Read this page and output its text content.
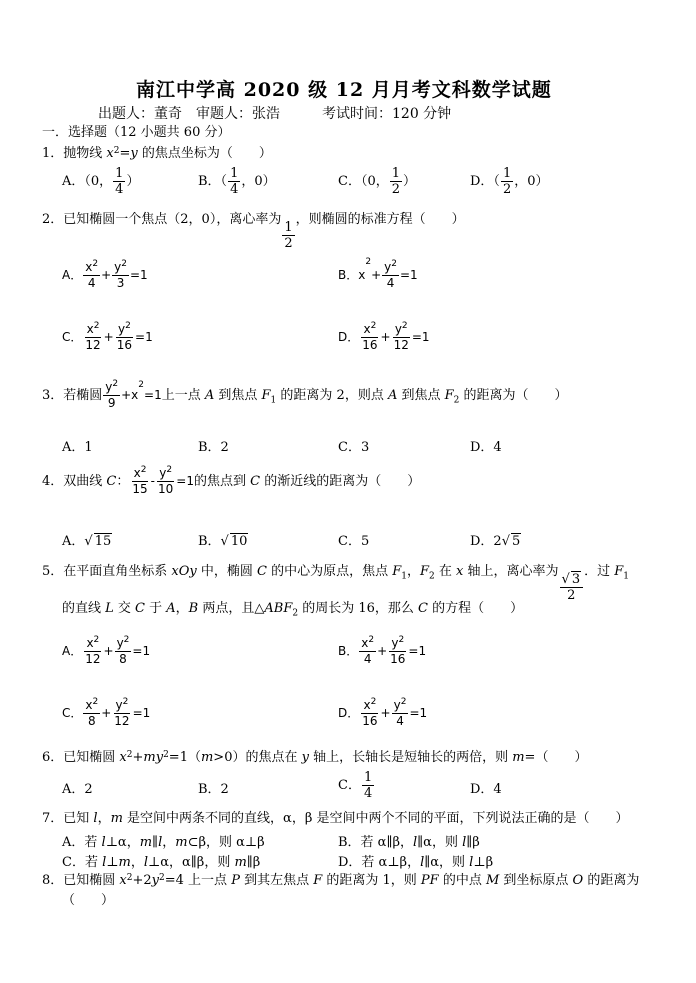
南江中学高 2020 级 12 月月考文科数学试题
出题人：董奇　审题人：张浩　　　考试时间：120 分钟
一．选择题（12 小题共 60 分）
1．抛物线 $x^2=y$ 的焦点坐标为（　　）
A．（0， $\frac{1}{4}$ ）	B．（ $\frac{1}{4}$ ，0）	C．（0， $\frac{1}{2}$ ）	D．（ $\frac{1}{2}$ ，0）
2．已知椭圆一个焦点（2，0），离心率为
$\frac{1}{2}$
，则椭圆的标准方程（　　）
A． $\frac{x^2}{4} + \frac{y^2}{3} =1$	B．$x^2+ \frac{y^2}{4} =1$
C． $\frac{x^2}{12} + \frac{y^2}{16} =1$	D． $\frac{x^2}{16} + \frac{y^2}{12} =1$
3．若椭圆 $\frac{y^2}{9} +x^2=1$上一点 A 到焦点 $F_1$ 的距离为 2，则点 A 到焦点 $F_2$ 的距离为（　　）
A．1	B．2	C．3	D．4
4．双曲线 C： $\frac{x^2}{15} - \frac{y^2}{10} =1$的焦点到 C 的渐近线的距离为（　　）
A．√ 15	B．√ 10	C．5	D．2√ 5
5．在平面直角坐标系 xOy 中，椭圆 C 的中心为原点，焦点 $F_1$，$F_2$ 在 x 轴上，离心率为 $\frac{√ 3}{2}$ ．过 $F_1$
的直线 L 交 C 于 A，B 两点，且$\triangle ABF_2$ 的周长为 16，那么 C 的方程（　　）
A． $\frac{x^2}{12} + \frac{y^2}{8} =1$	B． $\frac{x^2}{4} + \frac{y^2}{16} =1$
C． $\frac{x^2}{8} + \frac{y^2}{12} =1$	D． $\frac{x^2}{16} + \frac{y^2}{4} =1$
6．已知椭圆 $x^2+my^2=1(m>0)$的焦点在 y 轴上，长轴长是短轴长的两倍，则 m=（　　）
A．2	B．2	C． $\frac{1}{4}$	D．4
7．已知 l，m 是空间中两条不同的直线，α，β 是空间中两个不同的平面，下列说法正确的是（　　）
A．若 l⊥α，m∥l，m⊂β，则 α⊥β	B．若 α∥β，l∥α，则 l∥β
C．若 l⊥m，l⊥α，α∥β，则 m∥β	D．若 α⊥β，l∥α，则 l⊥β
8．已知椭圆 $x^2+2y^2=4$ 上一点 P 到其左焦点 F 的距离为 1，则 PF 的中点 M 到坐标原点 O 的距离为
（　　）
